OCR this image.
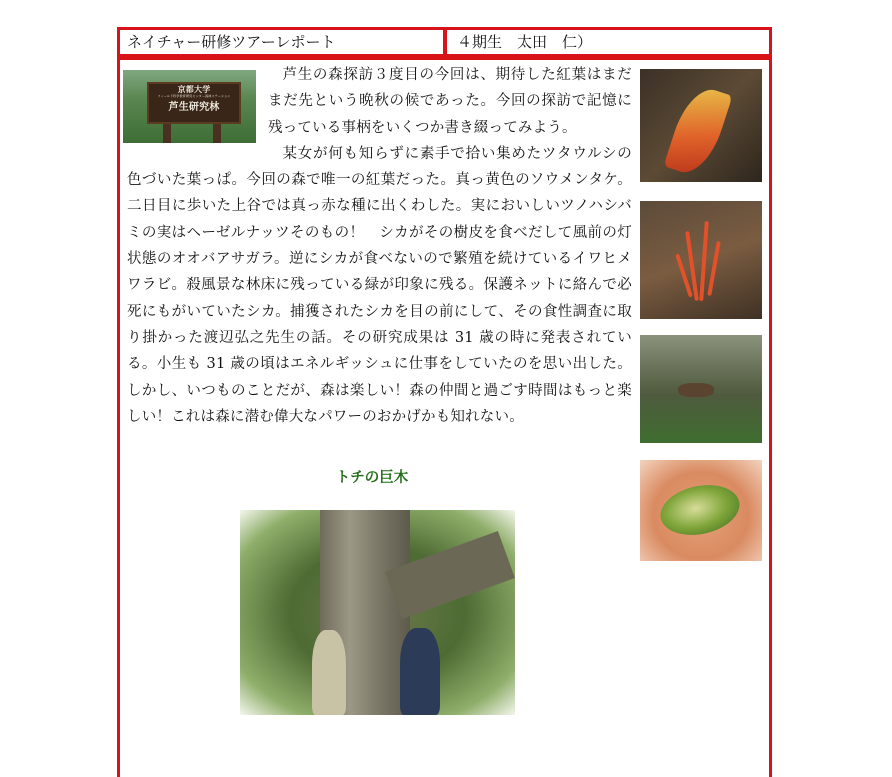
ネイチャー研修ツアーレポート	４期生　太田　仁）
京都大学
フィールド科学教育研究センター森林ステーション
芦生研究林

芦生の森探訪３度目の今回は、期待した紅葉はまだまだ先という晩秋の候であった。今回の探訪で記憶に残っている事柄をいくつか書き綴ってみよう。

某女が何も知らずに素手で拾い集めたツタウルシの色づいた葉っぱ。今回の森で唯一の紅葉だった。真っ黄色のソウメンタケ。二日目に歩いた上谷では真っ赤な種に出くわした。実においしいツノハシバミの実はヘーゼルナッツそのもの！　シカがその樹皮を食べだして風前の灯状態のオオバアサガラ。逆にシカが食べないので繁殖を続けているイワヒメワラビ。殺風景な林床に残っている緑が印象に残る。保護ネットに絡んで必死にもがいていたシカ。捕獲されたシカを目の前にして、その食性調査に取り掛かった渡辺弘之先生の話。その研究成果は 31 歳の時に発表されている。小生も 31 歳の頃はエネルギッシュに仕事をしていたのを思い出した。しかし、いつものことだが、森は楽しい！森の仲間と過ごす時間はもっと楽しい！これは森に潜む偉大なパワーのおかげかも知れない。

トチの巨木
